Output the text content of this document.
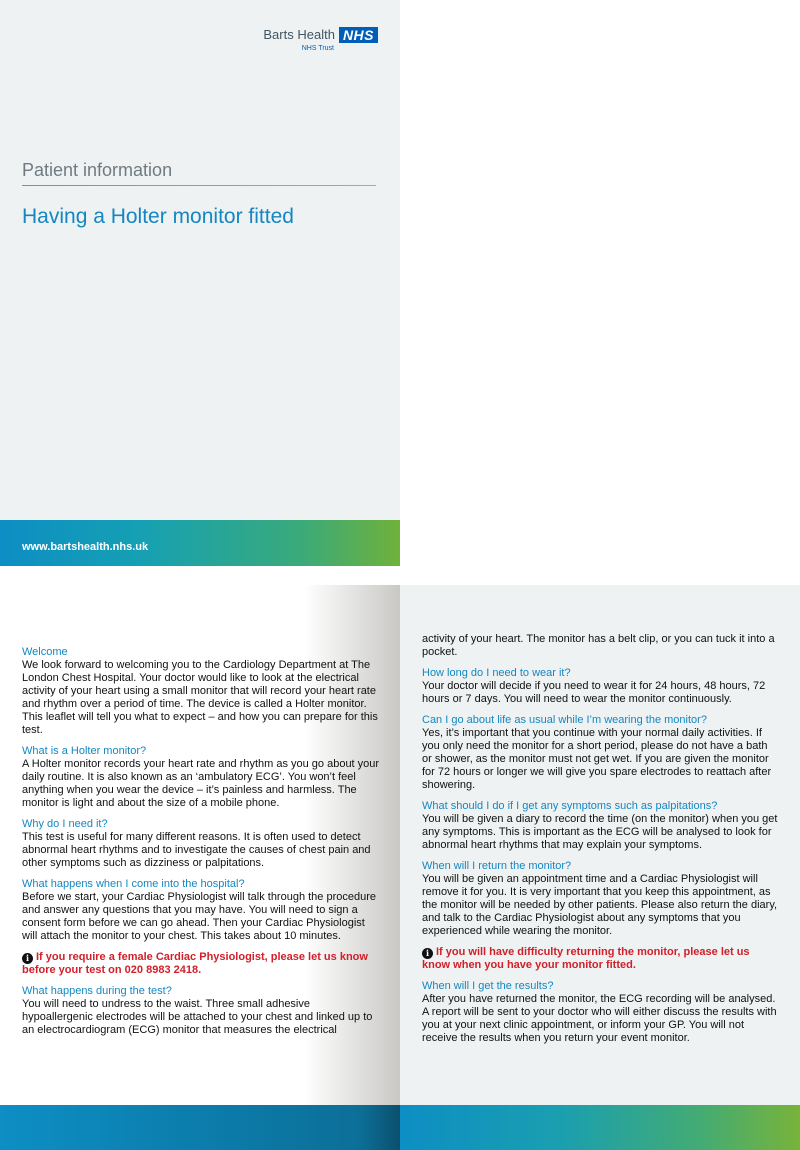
Barts Health NHS
NHS Trust
Patient information
Having a Holter monitor fitted
www.bartshealth.nhs.uk
Welcome

We look forward to welcoming you to the Cardiology Department at The London Chest Hospital. Your doctor would like to look at the electrical activity of your heart using a small monitor that will record your heart rate and rhythm over a period of time. The device is called a Holter monitor. This leaflet will tell you what to expect – and how you can prepare for this test.

What is a Holter monitor?

A Holter monitor records your heart rate and rhythm as you go about your daily routine. It is also known as an ‘ambulatory ECG’. You won’t feel anything when you wear the device – it’s painless and harmless. The monitor is light and about the size of a mobile phone.

Why do I need it?

This test is useful for many different reasons. It is often used to detect abnormal heart rhythms and to investigate the causes of chest pain and other symptoms such as dizziness or palpitations.

What happens when I come into the hospital?

Before we start, your Cardiac Physiologist will talk through the procedure and answer any questions that you may have. You will need to sign a consent form before we can go ahead. Then your Cardiac Physiologist will attach the monitor to your chest. This takes about 10 minutes.

i If you require a female Cardiac Physiologist, please let us know before your test on 020 8983 2418.
What happens during the test?

You will need to undress to the waist. Three small adhesive hypoallergenic electrodes will be attached to your chest and linked up to an electrocardiogram (ECG) monitor that measures the electrical

activity of your heart. The monitor has a belt clip, or you can tuck it into a pocket.

How long do I need to wear it?

Your doctor will decide if you need to wear it for 24 hours, 48 hours, 72 hours or 7 days. You will need to wear the monitor continuously.

Can I go about life as usual while I’m wearing the monitor?

Yes, it’s important that you continue with your normal daily activities. If you only need the monitor for a short period, please do not have a bath or shower, as the monitor must not get wet. If you are given the monitor for 72 hours or longer we will give you spare electrodes to reattach after showering.

What should I do if I get any symptoms such as palpitations?

You will be given a diary to record the time (on the monitor) when you get any symptoms. This is important as the ECG will be analysed to look for abnormal heart rhythms that may explain your symptoms.

When will I return the monitor?

You will be given an appointment time and a Cardiac Physiologist will remove it for you. It is very important that you keep this appointment, as the monitor will be needed by other patients. Please also return the diary, and talk to the Cardiac Physiologist about any symptoms that you experienced while wearing the monitor.

i If you will have difficulty returning the monitor, please let us know when you have your monitor fitted.
When will I get the results?

After you have returned the monitor, the ECG recording will be analysed. A report will be sent to your doctor who will either discuss the results with you at your next clinic appointment, or inform your GP. You will not receive the results when you return your event monitor.
